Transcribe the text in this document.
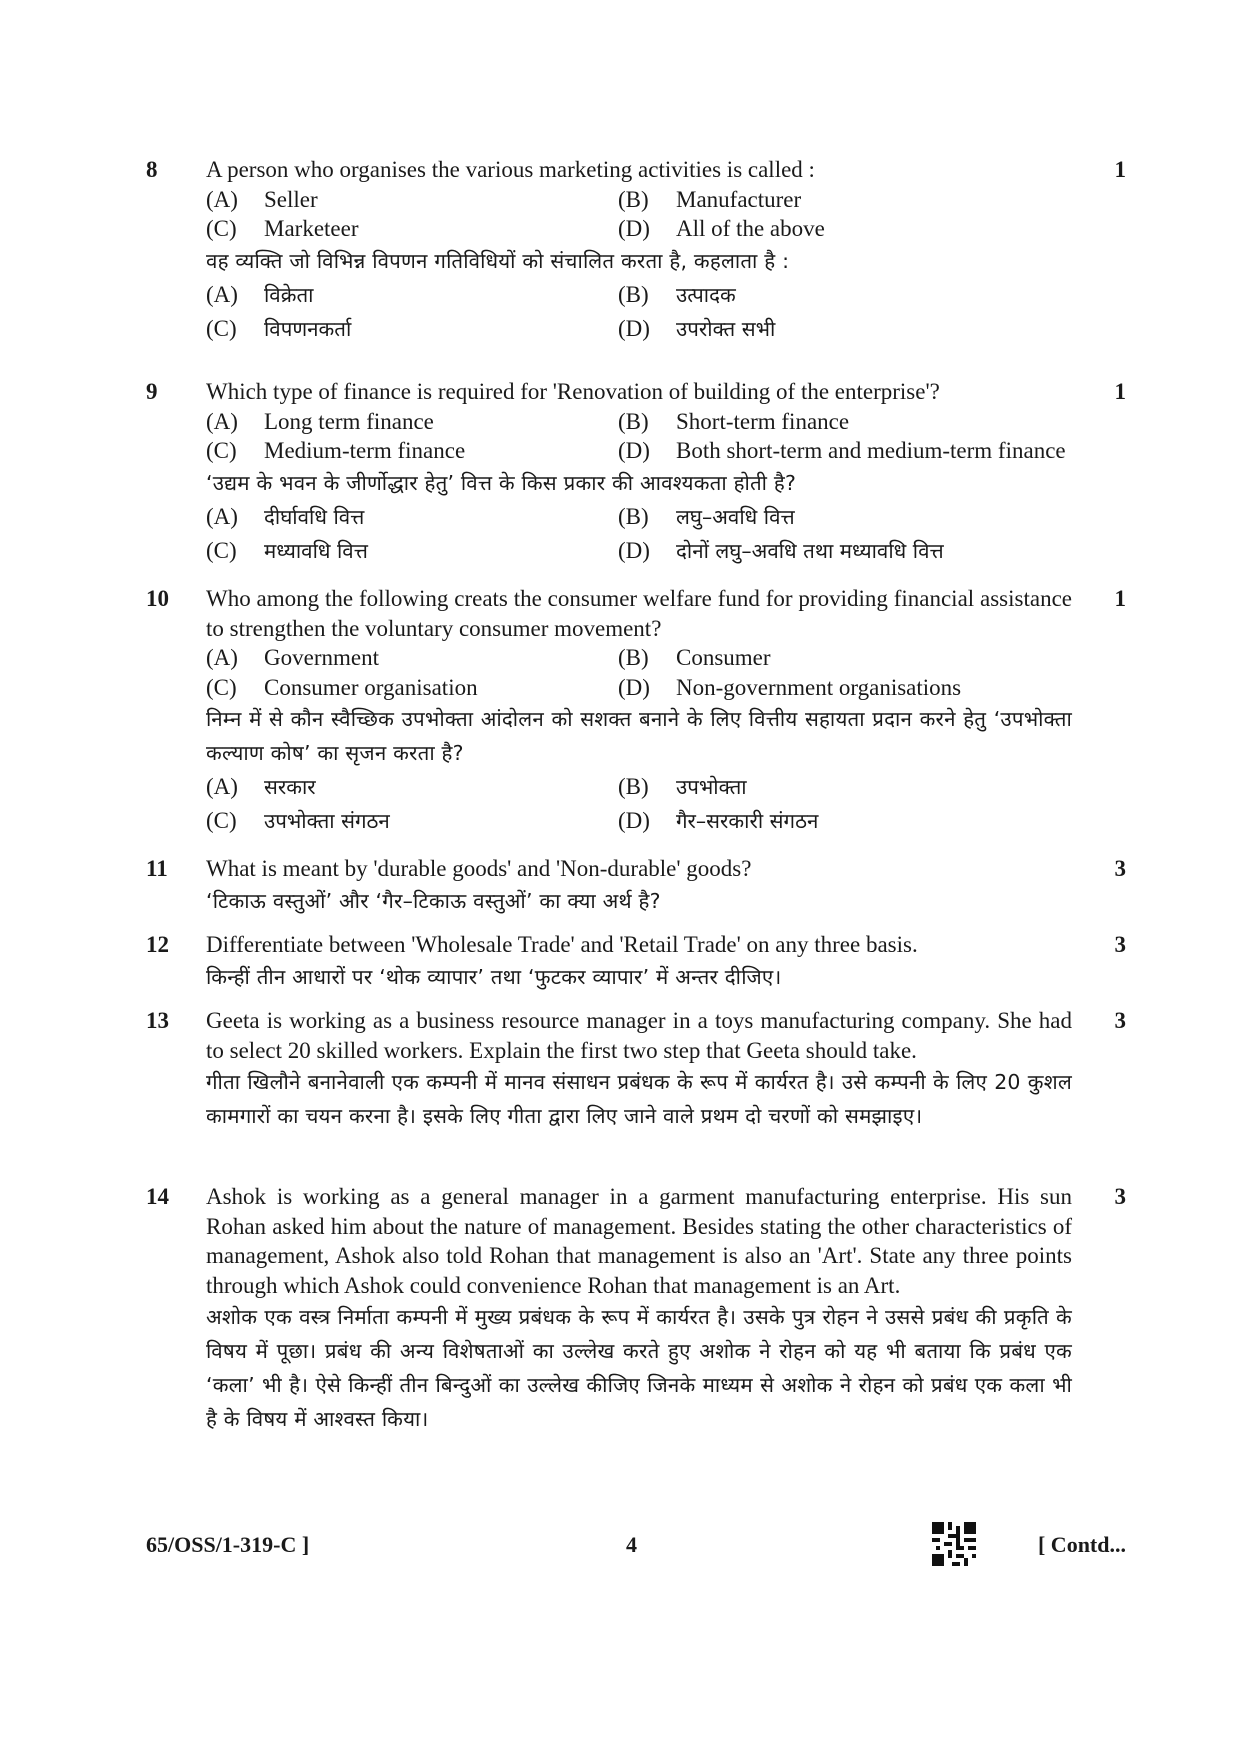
8	1
A person who organises the various marketing activities is called :
(A)	Seller	(B)	Manufacturer
(C)	Marketeer	(D)	All of the above
वह व्यक्ति जो विभिन्न विपणन गतिविधियों को संचालित करता है, कहलाता है :
(A)	विक्रेता	(B)	उत्पादक
(C)	विपणनकर्ता	(D)	उपरोक्त सभी
9	1
Which type of finance is required for 'Renovation of building of the enterprise'?
(A)	Long term finance	(B)	Short-term finance
(C)	Medium-term finance	(D)	Both short-term and medium-term finance
‘उद्यम के भवन के जीर्णोद्धार हेतु’ वित्त के किस प्रकार की आवश्यकता होती है?
(A)	दीर्घावधि वित्त	(B)	लघु–अवधि वित्त
(C)	मध्यावधि वित्त	(D)	दोनों लघु–अवधि तथा मध्यावधि वित्त
10	1
Who among the following creats the consumer welfare fund for providing financial assistance to strengthen the voluntary consumer movement?
(A)	Government	(B)	Consumer
(C)	Consumer organisation	(D)	Non-government organisations
निम्न में से कौन स्वैच्छिक उपभोक्ता आंदोलन को सशक्त बनाने के लिए वित्तीय सहायता प्रदान करने हेतु ‘उपभोक्ता कल्याण कोष’ का सृजन करता है?
(A)	सरकार	(B)	उपभोक्ता
(C)	उपभोक्ता संगठन	(D)	गैर–सरकारी संगठन
11	3
What is meant by 'durable goods' and 'Non-durable' goods?
‘टिकाऊ वस्तुओं’ और ‘गैर–टिकाऊ वस्तुओं’ का क्या अर्थ है?
12	3
Differentiate between 'Wholesale Trade' and 'Retail Trade' on any three basis.
किन्हीं तीन आधारों पर ‘थोक व्यापार’ तथा ‘फुटकर व्यापार’ में अन्तर दीजिए।
13	3
Geeta is working as a business resource manager in a toys manufacturing company. She had to select 20 skilled workers. Explain the first two step that Geeta should take.
गीता खिलौने बनानेवाली एक कम्पनी में मानव संसाधन प्रबंधक के रूप में कार्यरत है। उसे कम्पनी के लिए 20 कुशल कामगारों का चयन करना है। इसके लिए गीता द्वारा लिए जाने वाले प्रथम दो चरणों को समझाइए।
14	3
Ashok is working as a general manager in a garment manufacturing enterprise. His sun Rohan asked him about the nature of management. Besides stating the other characteristics of management, Ashok also told Rohan that management is also an 'Art'. State any three points through which Ashok could convenience Rohan that management is an Art.
अशोक एक वस्त्र निर्माता कम्पनी में मुख्य प्रबंधक के रूप में कार्यरत है। उसके पुत्र रोहन ने उससे प्रबंध की प्रकृति के विषय में पूछा। प्रबंध की अन्य विशेषताओं का उल्लेख करते हुए अशोक ने रोहन को यह भी बताया कि प्रबंध एक ‘कला’ भी है। ऐसे किन्हीं तीन बिन्दुओं का उल्लेख कीजिए जिनके माध्यम से अशोक ने रोहन को प्रबंध एक कला भी है के विषय में आश्वस्त किया।
65/OSS/1-319-C ]	4	[ Contd...
